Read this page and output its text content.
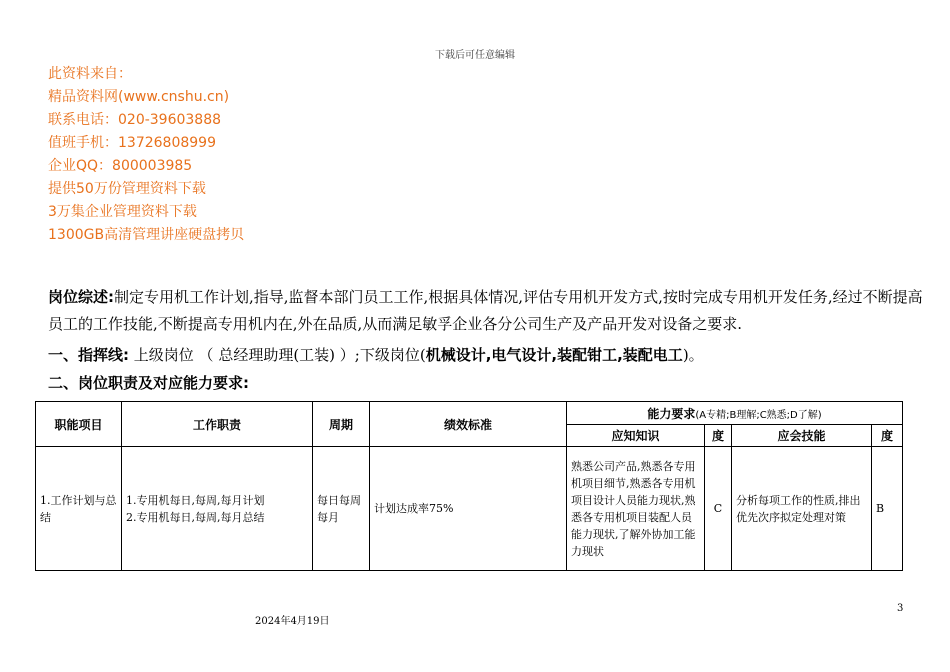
下载后可任意编辑
此资料来自：
精品资料网(www.cnshu.cn)
联系电话：020-39603888
值班手机：13726808999
企业QQ：800003985
提供50万份管理资料下载
3万集企业管理资料下载
1300GB高清管理讲座硬盘拷贝
岗位综述:制定专用机工作计划,指导,监督本部门员工工作,根据具体情况,评估专用机开发方式,按时完成专用机开发任务,经过不断提高员工的工作技能,不断提高专用机内在,外在品质,从而满足敏孚企业各分公司生产及产品开发对设备之要求.
一、指挥线: 上级岗位 （ 总经理助理(工装) ）;下级岗位(机械设计,电气设计,装配钳工,装配电工)。
二、岗位职责及对应能力要求:
职能项目	工作职责	周期	绩效标准	能力要求(A专精;B理解;C熟悉;D了解)			
				应知知识	度	应会技能	度
1.工作计划与总结	1.专用机每日,每周,每月计划
2.专用机每日,每周,每月总结	每日每周每月	计划达成率75%	熟悉公司产品,熟悉各专用机项目细节,熟悉各专用机项目设计人员能力现状,熟悉各专用机项目装配人员能力现状,了解外协加工能力现状	C	分析每项工作的性质,排出优先次序拟定处理对策	B
2024年4月19日
3
